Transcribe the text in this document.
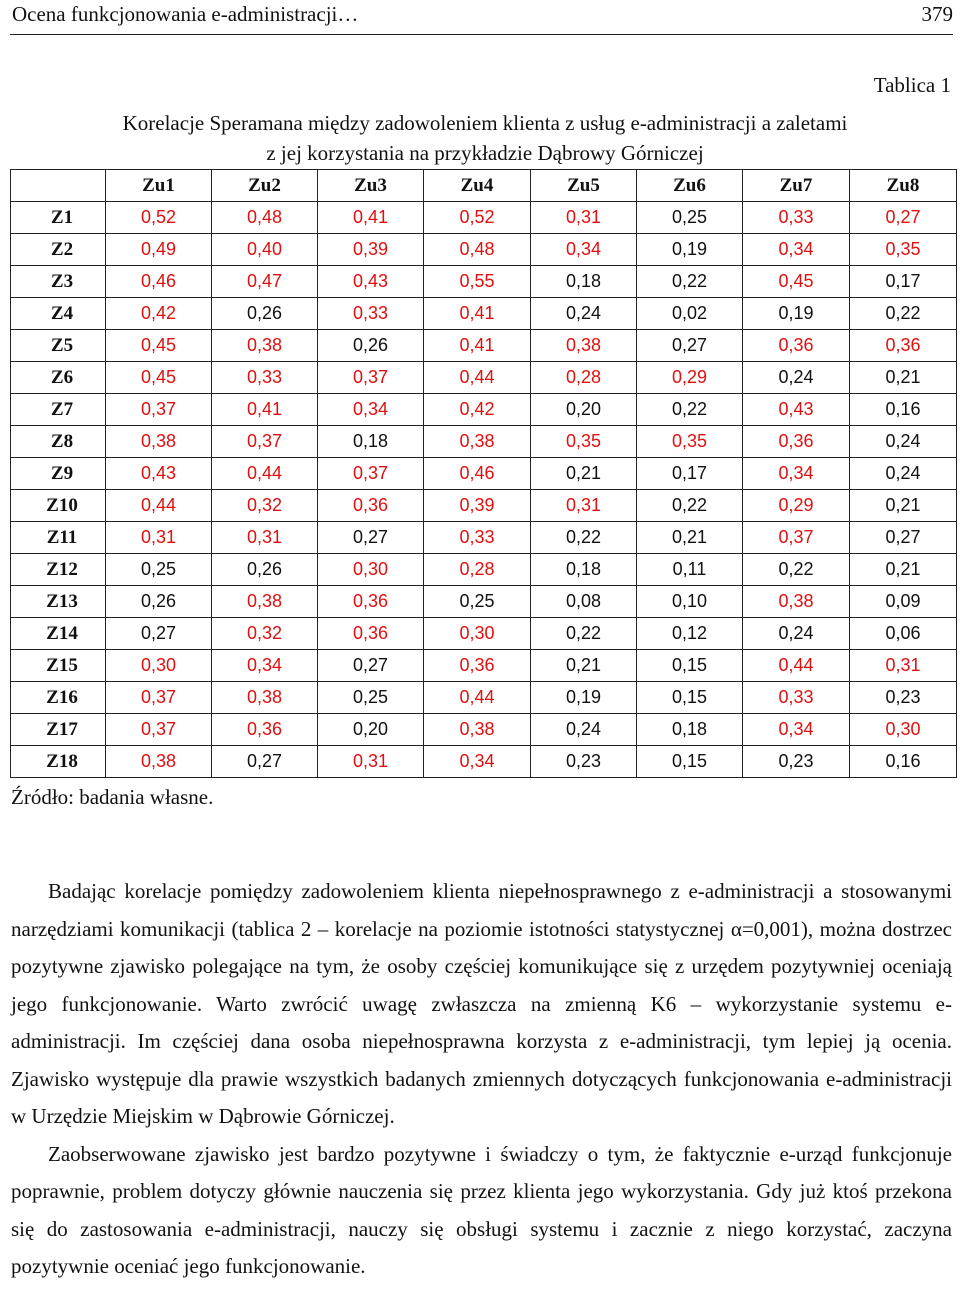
Ocena funkcjonowania e-administracji…	379
Tablica 1
Korelacje Speramana między zadowoleniem klienta z usług e-administracji a zaletami
z jej korzystania na przykładzie Dąbrowy Górniczej
	Zu1	Zu2	Zu3	Zu4	Zu5	Zu6	Zu7	Zu8
Z1	0,52	0,48	0,41	0,52	0,31	0,25	0,33	0,27
Z2	0,49	0,40	0,39	0,48	0,34	0,19	0,34	0,35
Z3	0,46	0,47	0,43	0,55	0,18	0,22	0,45	0,17
Z4	0,42	0,26	0,33	0,41	0,24	0,02	0,19	0,22
Z5	0,45	0,38	0,26	0,41	0,38	0,27	0,36	0,36
Z6	0,45	0,33	0,37	0,44	0,28	0,29	0,24	0,21
Z7	0,37	0,41	0,34	0,42	0,20	0,22	0,43	0,16
Z8	0,38	0,37	0,18	0,38	0,35	0,35	0,36	0,24
Z9	0,43	0,44	0,37	0,46	0,21	0,17	0,34	0,24
Z10	0,44	0,32	0,36	0,39	0,31	0,22	0,29	0,21
Z11	0,31	0,31	0,27	0,33	0,22	0,21	0,37	0,27
Z12	0,25	0,26	0,30	0,28	0,18	0,11	0,22	0,21
Z13	0,26	0,38	0,36	0,25	0,08	0,10	0,38	0,09
Z14	0,27	0,32	0,36	0,30	0,22	0,12	0,24	0,06
Z15	0,30	0,34	0,27	0,36	0,21	0,15	0,44	0,31
Z16	0,37	0,38	0,25	0,44	0,19	0,15	0,33	0,23
Z17	0,37	0,36	0,20	0,38	0,24	0,18	0,34	0,30
Z18	0,38	0,27	0,31	0,34	0,23	0,15	0,23	0,16
Źródło: badania własne.

Badając korelacje pomiędzy zadowoleniem klienta niepełnosprawnego z e-administracji a stosowanymi narzędziami komunikacji (tablica 2 – korelacje na poziomie istotności statystycznej α=0,001), można dostrzec pozytywne zjawisko polegające na tym, że osoby częściej komunikujące się z urzędem pozytywniej oceniają jego funkcjonowanie. Warto zwrócić uwagę zwłaszcza na zmienną K6 – wykorzystanie systemu e-administracji. Im częściej dana osoba niepełnosprawna korzysta z e-administracji, tym lepiej ją ocenia. Zjawisko występuje dla prawie wszystkich badanych zmiennych dotyczących funkcjonowania e-administracji w Urzędzie Miejskim w Dąbrowie Górniczej.

Zaobserwowane zjawisko jest bardzo pozytywne i świadczy o tym, że faktycznie e-urząd funkcjonuje poprawnie, problem dotyczy głównie nauczenia się przez klienta jego wykorzystania. Gdy już ktoś przekona się do zastosowania e-administracji, nauczy się obsługi systemu i zacznie z niego korzystać, zaczyna pozytywnie oceniać jego funkcjonowanie.
